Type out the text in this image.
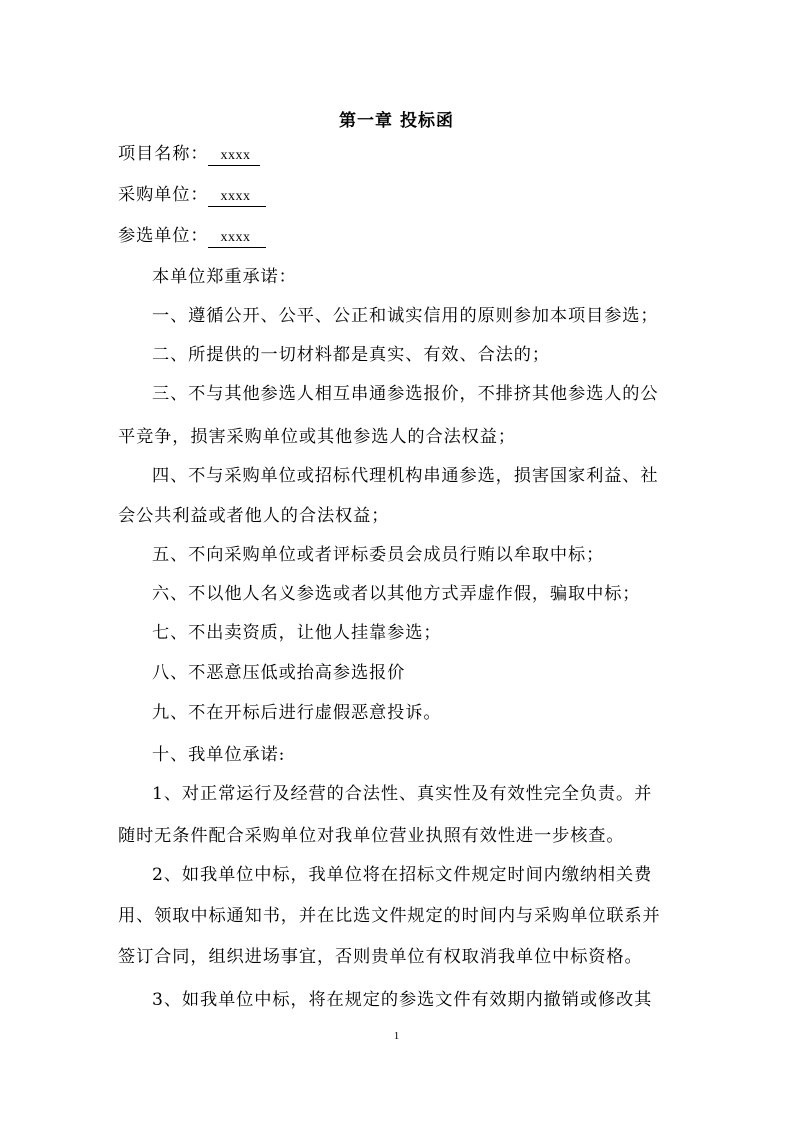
第一章 投标函
项目名称： xxxx
采购单位： xxxx
参选单位： xxxx
本单位郑重承诺：
一、遵循公开、公平、公正和诚实信用的原则参加本项目参选；
二、所提供的一切材料都是真实、有效、合法的；
三、不与其他参选人相互串通参选报价，不排挤其他参选人的公
平竞争，损害采购单位或其他参选人的合法权益；
四、不与采购单位或招标代理机构串通参选，损害国家利益、社
会公共利益或者他人的合法权益；
五、不向采购单位或者评标委员会成员行贿以牟取中标；
六、不以他人名义参选或者以其他方式弄虚作假，骗取中标；
七、不出卖资质，让他人挂靠参选；
八、不恶意压低或抬高参选报价
九、不在开标后进行虚假恶意投诉。
十、我单位承诺:
1、对正常运行及经营的合法性、真实性及有效性完全负责。并
随时无条件配合采购单位对我单位营业执照有效性进一步核查。
2、如我单位中标，我单位将在招标文件规定时间内缴纳相关费
用、领取中标通知书，并在比选文件规定的时间内与采购单位联系并
签订合同，组织进场事宜，否则贵单位有权取消我单位中标资格。
3、如我单位中标，将在规定的参选文件有效期内撤销或修改其
1
